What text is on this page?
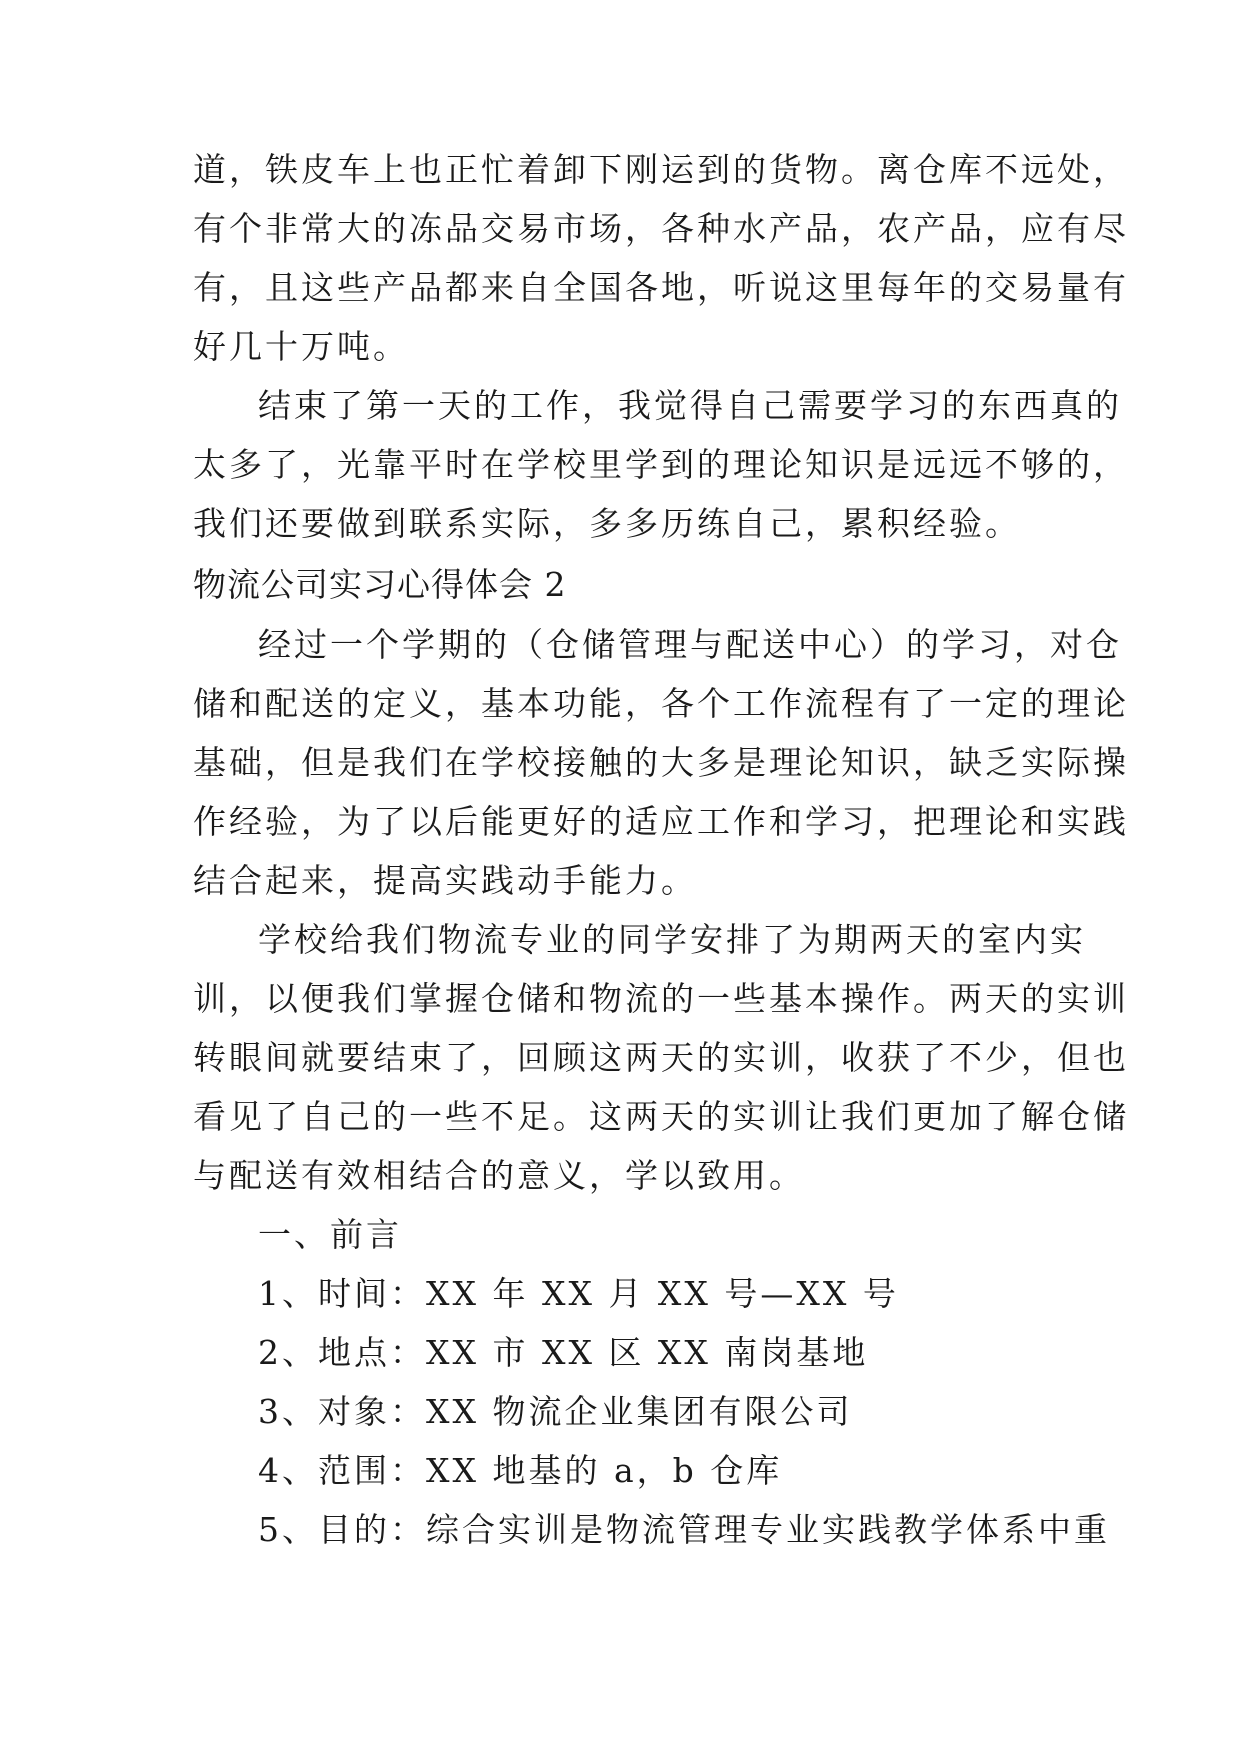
道，铁皮车上也正忙着卸下刚运到的货物。离仓库不远处，
有个非常大的冻品交易市场，各种水产品，农产品，应有尽
有，且这些产品都来自全国各地，听说这里每年的交易量有
好几十万吨。
结束了第一天的工作，我觉得自己需要学习的东西真的
太多了，光靠平时在学校里学到的理论知识是远远不够的，
我们还要做到联系实际，多多历练自己，累积经验。
物流公司实习心得体会 2
经过一个学期的（仓储管理与配送中心）的学习，对仓
储和配送的定义，基本功能，各个工作流程有了一定的理论
基础，但是我们在学校接触的大多是理论知识，缺乏实际操
作经验，为了以后能更好的适应工作和学习，把理论和实践
结合起来，提高实践动手能力。
学校给我们物流专业的同学安排了为期两天的室内实
训，以便我们掌握仓储和物流的一些基本操作。两天的实训
转眼间就要结束了，回顾这两天的实训，收获了不少，但也
看见了自己的一些不足。这两天的实训让我们更加了解仓储
与配送有效相结合的意义，学以致用。
一、前言
1、时间：XX 年 XX 月 XX 号—XX 号
2、地点：XX 市 XX 区 XX 南岗基地
3、对象：XX 物流企业集团有限公司
4、范围：XX 地基的 a，b 仓库
5、目的：综合实训是物流管理专业实践教学体系中重
